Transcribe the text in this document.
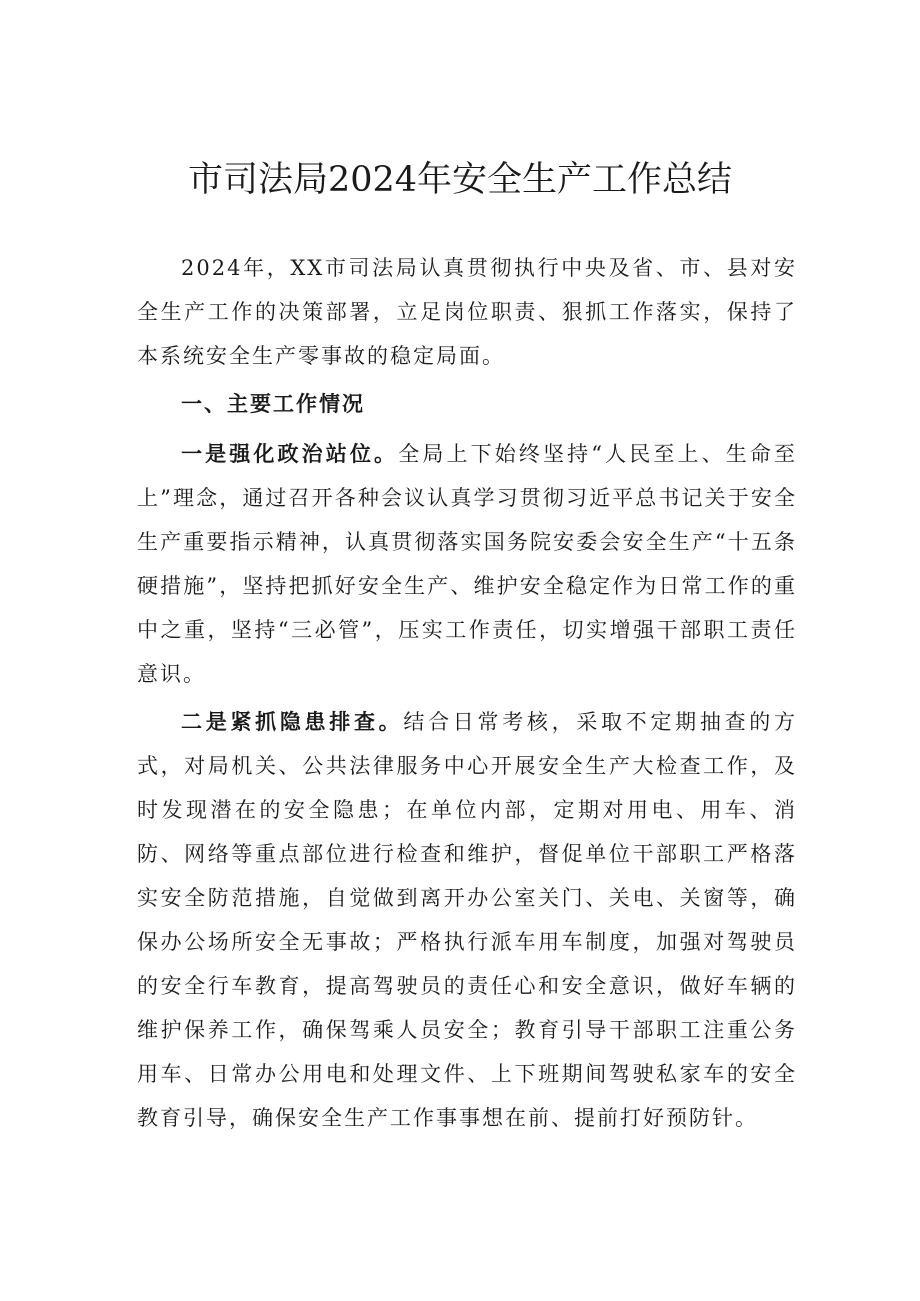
市司法局2024年安全生产工作总结

2024年，XX市司法局认真贯彻执行中央及省、市、县对安全生产工作的决策部署，立足岗位职责、狠抓工作落实，保持了本系统安全生产零事故的稳定局面。

一、主要工作情况

一是强化政治站位。全局上下始终坚持“人民至上、生命至上”理念，通过召开各种会议认真学习贯彻习近平总书记关于安全生产重要指示精神，认真贯彻落实国务院安委会安全生产“十五条硬措施”，坚持把抓好安全生产、维护安全稳定作为日常工作的重中之重，坚持“三必管”，压实工作责任，切实增强干部职工责任意识。

二是紧抓隐患排查。结合日常考核，采取不定期抽查的方式，对局机关、公共法律服务中心开展安全生产大检查工作，及时发现潜在的安全隐患；在单位内部，定期对用电、用车、消防、网络等重点部位进行检查和维护，督促单位干部职工严格落实安全防范措施，自觉做到离开办公室关门、关电、关窗等，确保办公场所安全无事故；严格执行派车用车制度，加强对驾驶员的安全行车教育，提高驾驶员的责任心和安全意识，做好车辆的维护保养工作，确保驾乘人员安全；教育引导干部职工注重公务用车、日常办公用电和处理文件、上下班期间驾驶私家车的安全教育引导，确保安全生产工作事事想在前、提前打好预防针。
